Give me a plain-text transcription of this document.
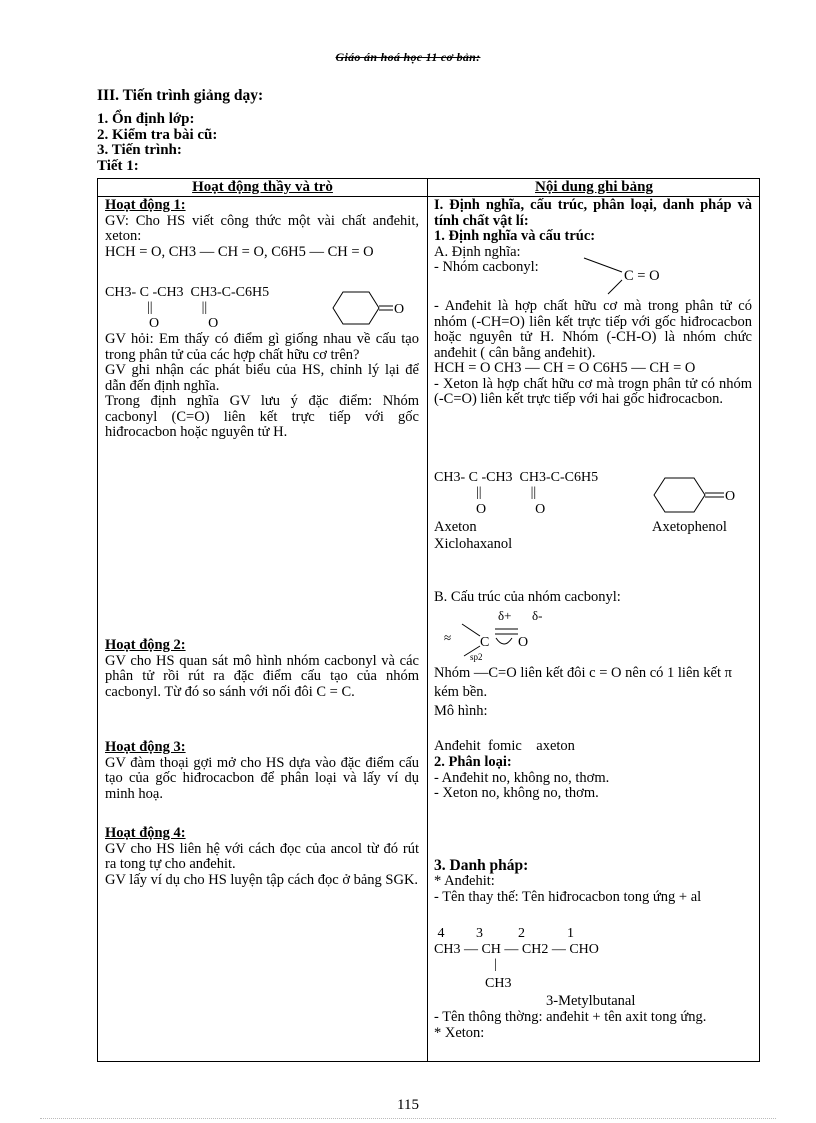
Giáo án hoá học 11 cơ bản:
III. Tiến trình giảng dạy:
1. Ổn định lớp:
2. Kiểm tra bài cũ:
3. Tiến trình:
Tiết 1:
Hoạt động thầy và trò	Nội dung ghi bảng
Hoạt động 1:
GV: Cho HS viết công thức một vài chất anđehit, xeton:
HCH = O, CH3 — CH = O, C6H5 — CH = O
CH3- C -CH3  CH3-C-C6H5
||              ||
O              O
O
GV hỏi: Em thấy có điểm gì giống nhau về cấu tạo trong phân tử của các hợp chất hữu cơ trên?
GV ghi nhận các phát biểu của HS, chỉnh lý lại để dẫn đến định nghĩa.
Trong định nghĩa GV lưu ý đặc điểm: Nhóm cacbonyl (C=O) liên kết trực tiếp với gốc hiđrocacbon hoặc nguyên tử H.
Hoạt động 2:
GV cho HS quan sát mô hình nhóm cacbonyl và các phân tử rồi rút ra đặc điểm cấu tạo của nhóm cacbonyl. Từ đó so sánh với nối đôi C = C.
Hoạt động 3:
GV đàm thoại gợi mở cho HS dựa vào đặc điểm cấu tạo của gốc hiđrocacbon để phân loại và lấy ví dụ minh hoạ.
Hoạt động 4:
GV cho HS liên hệ với cách đọc của ancol từ đó rút ra tong tự cho anđehit.
GV lấy ví dụ cho HS luyện tập cách đọc ở bảng SGK.
I. Định nghĩa, cấu trúc, phân loại, danh pháp và tính chất vật lí:
1. Định nghĩa và cấu trúc:
A. Định nghĩa:
- Nhóm cacbonyl:
C = O
- Anđehit là hợp chất hữu cơ mà trong phân tử có nhóm (-CH=O) liên kết trực tiếp với gốc hiđrocacbon hoặc nguyên tử H. Nhóm (-CH-O) là nhóm chức anđehit ( cân bằng anđehit).
HCH = O CH3 — CH = O C6H5 — CH = O
- Xeton là hợp chất hữu cơ mà trogn phân tử có nhóm (-C=O) liên kết trực tiếp với hai gốc hiđrocacbon.
CH3- C -CH3  CH3-C-C6H5
||              ||
O              O
O
Axeton	Axetophenol
Xiclohaxanol
B. Cấu trúc của nhóm cacbonyl:
δ+ δ-
≈ C O
sp2
Nhóm —C=O liên kết đôi c = O nên có 1 liên kết π kém bền.
Mô hình:
Anđehit  fomic    axeton
2. Phân loại:
- Anđehit no, không no, thơm.
- Xeton no, không no, thơm.
3. Danh pháp:
* Anđehit:
- Tên thay thế: Tên hiđrocacbon tong ứng + al
4         3          2            1
CH3 — CH — CH2 — CHO
|
CH3
3-Metylbutanal
- Tên thông thờng: anđehit + tên axit tong ứng.
* Xeton:
115
